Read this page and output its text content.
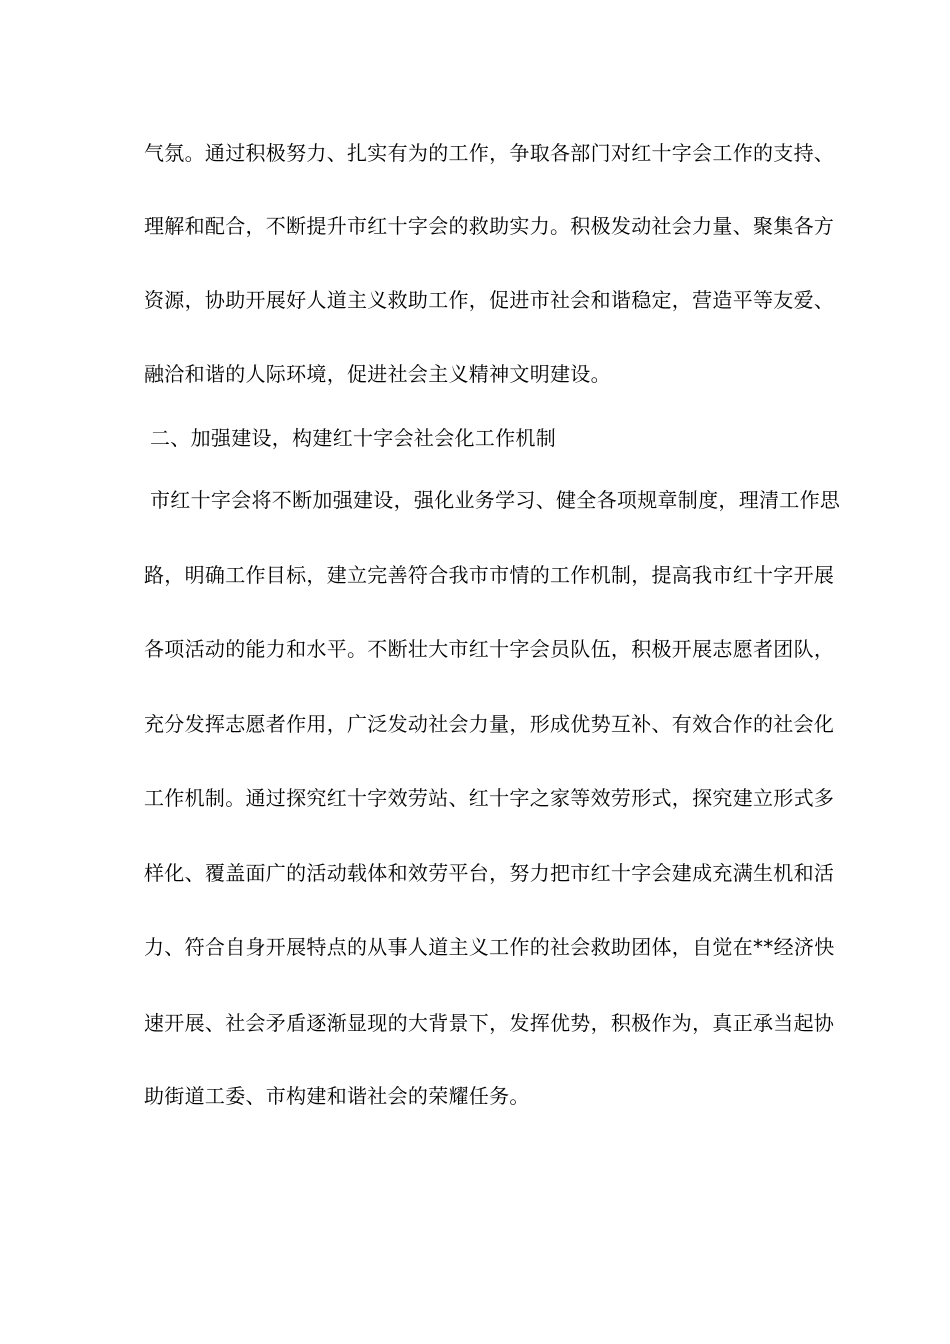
气氛。通过积极努力、扎实有为的工作，争取各部门对红十字会工作的支持、
理解和配合，不断提升市红十字会的救助实力。积极发动社会力量、聚集各方
资源，协助开展好人道主义救助工作，促进市社会和谐稳定，营造平等友爱、
融洽和谐的人际环境，促进社会主义精神文明建设。
二、加强建设，构建红十字会社会化工作机制
市红十字会将不断加强建设，强化业务学习、健全各项规章制度，理清工作思
路，明确工作目标，建立完善符合我市市情的工作机制，提高我市红十字开展
各项活动的能力和水平。不断壮大市红十字会员队伍，积极开展志愿者团队，
充分发挥志愿者作用，广泛发动社会力量，形成优势互补、有效合作的社会化
工作机制。通过探究红十字效劳站、红十字之家等效劳形式，探究建立形式多
样化、覆盖面广的活动载体和效劳平台，努力把市红十字会建成充满生机和活
力、符合自身开展特点的从事人道主义工作的社会救助团体，自觉在**经济快
速开展、社会矛盾逐渐显现的大背景下，发挥优势，积极作为，真正承当起协
助街道工委、市构建和谐社会的荣耀任务。
